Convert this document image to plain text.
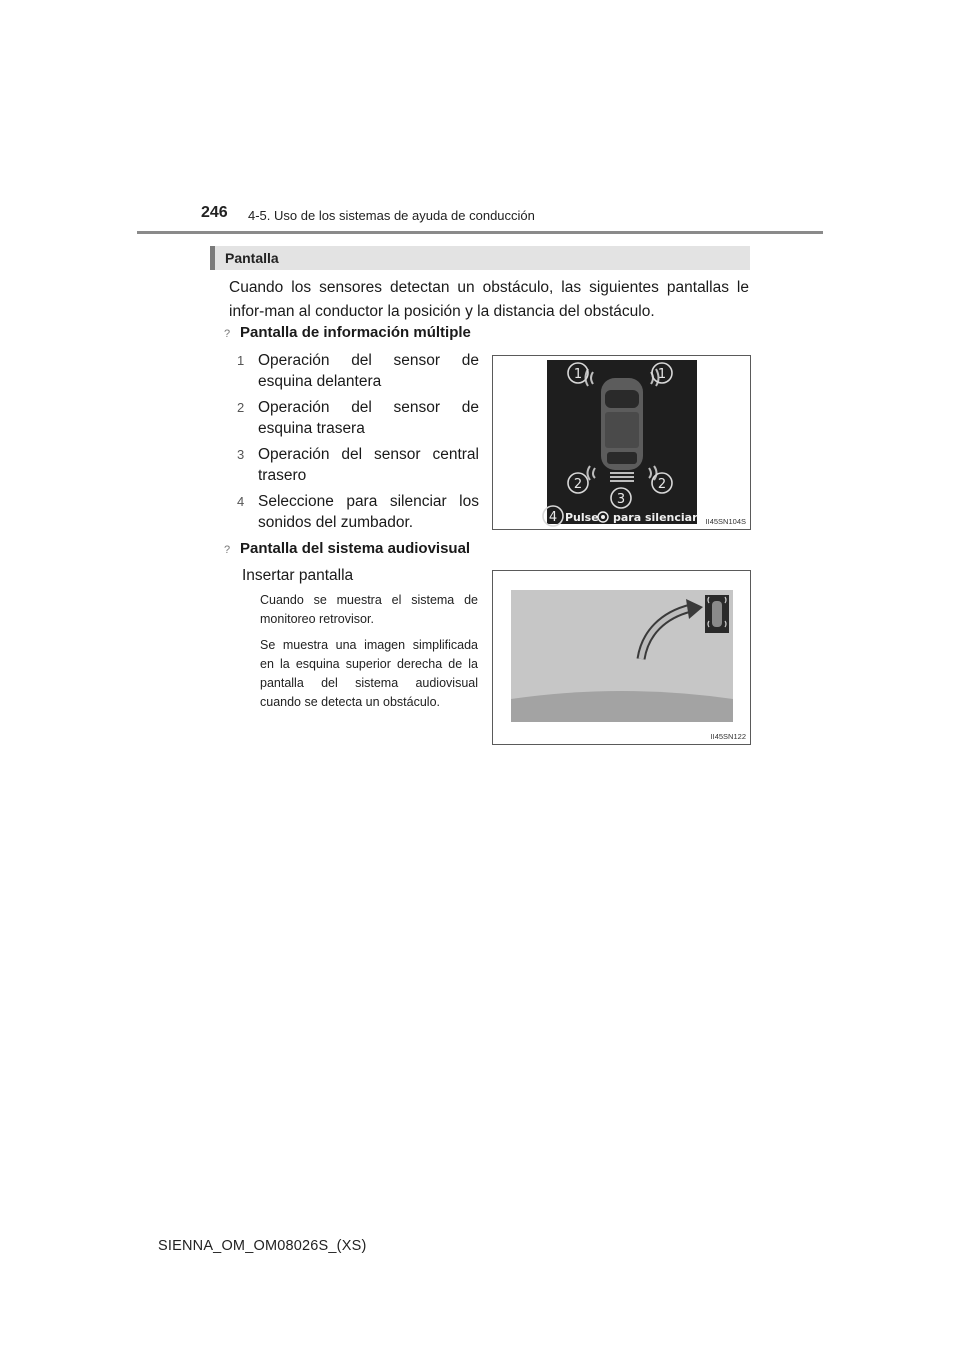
246 4-5. Uso de los sistemas de ayuda de conducción
Pantalla
Cuando los sensores detectan un obstáculo, las siguientes pantallas le infor-man al conductor la posición y la distancia del obstáculo.
? Pantalla de información múltiple
1 Operación del sensor de esquina delantera
2 Operación del sensor de esquina trasera
3 Operación del sensor central trasero
4 Seleccione para silenciar los sonidos del zumbador.
1	1
2	2
3
4 Pulse para silenciar II45SN104S
? Pantalla del sistema audiovisual
Insertar pantalla
Cuando se muestra el sistema de monitoreo retrovisor.
Se muestra una imagen simplificada en la esquina superior derecha de la pantalla del sistema audiovisual cuando se detecta un obstáculo.
II45SN122
SIENNA_OM_OM08026S_(XS)
